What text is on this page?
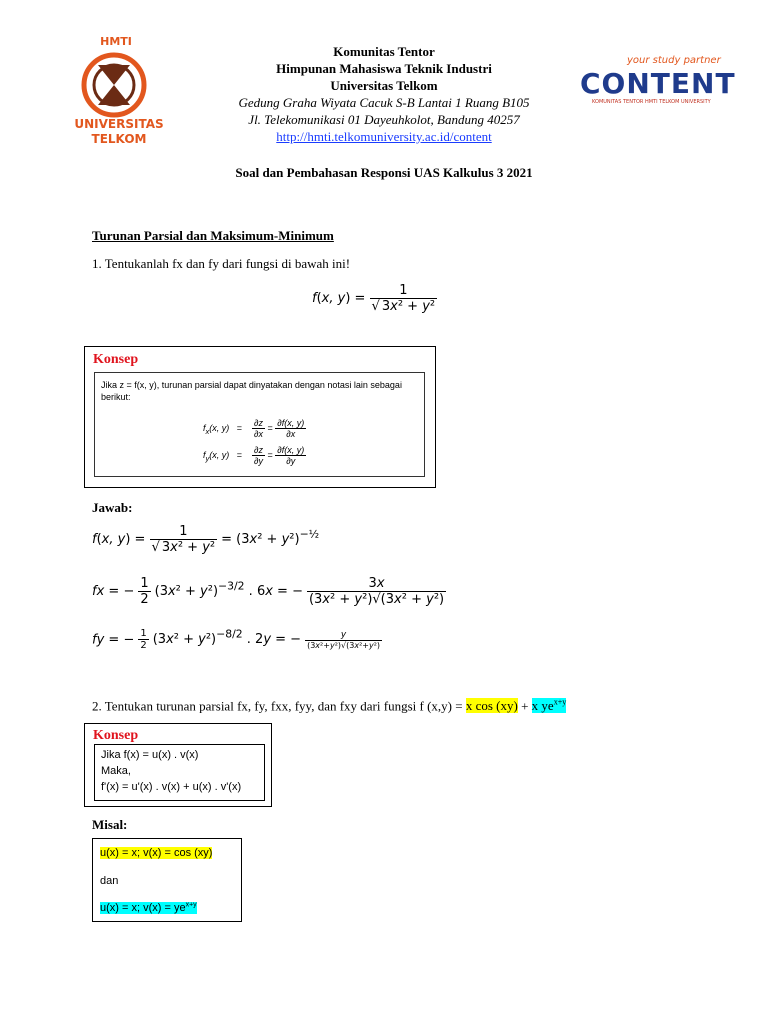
HMTI
UNIVERSITAS
TELKOM
Komunitas Tentor
Himpunan Mahasiswa Teknik Industri
Universitas Telkom
Gedung Graha Wiyata Cacuk S-B Lantai 1 Ruang B105
Jl. Telekomunikasi 01 Dayeuhkolot, Bandung 40257
http://hmti.telkomuniversity.ac.id/content
your study partner
CONTENT
KOMUNITAS TENTOR HMTI TELKOM UNIVERSITY
Soal dan Pembahasan Responsi UAS Kalkulus 3 2021
Turunan Parsial dan Maksimum-Minimum
1. Tentukanlah fx dan fy dari fungsi di bawah ini!
f(x, $y) = \frac{1}{\text{√ 3x² + y²}}$
Konsep
Jika z = f(x, y), turunan parsial dapat dinyatakan dengan notasi lain sebagai berikut:
$f_x(x$, $y) = \frac{\partial z}{\partial x} = \frac{\partial f(x, y)}{\partial x}$
$f_y(x$, $y) = \frac{\partial z}{\partial y} = \frac{\partial f(x, y)}{\partial y}$
Jawab:
f(x, $y) = \frac{1}{\text{√ 3x² + y²}} = (3x^2 + y^2)^{-\frac{1}{2}}$
fx = − $\frac{1}{2} (3x^2 + y^2)^{-3/2}$ . 6x = − $\frac{3x}{\text{(3x² + y²)√(3x² + y²)}}$
fy = − $\frac{1}{2} (3x^2 + y^2)^{-8/2}$ . 2y = − $\frac{y}{\text{(3x²+y²)√(3x²+y²)}}$
2. Tentukan turunan parsial fx, fy, fxx, fyy, dan fxy dari fungsi f (x,y) = x cos (xy) + x $ye^{x+y}$
Konsep
Jika f(x) = u(x) . v(x)
Maka,
f'(x) = u'(x) . v(x) + u(x) . v'(x)
Misal:
u(x) = x; v(x) = cos (xy)
dan
u(x) = x; $v(x) = ye^{x+y}$
